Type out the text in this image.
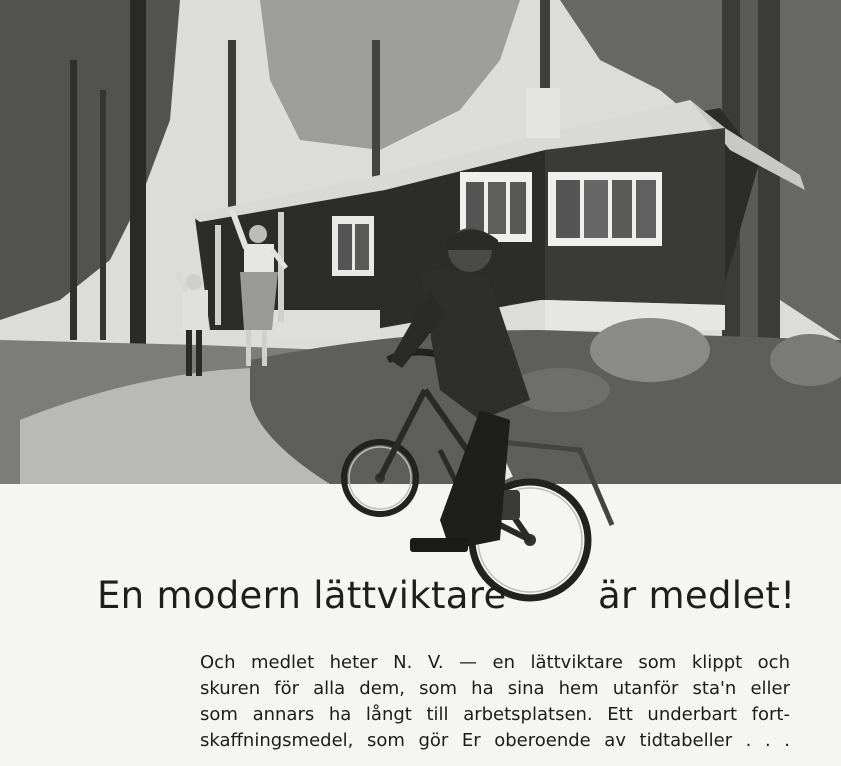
En modern lättviktare är medlet!
Och medlet heter N. V. — en lättviktare som klippt och
skuren för alla dem, som ha sina hem utanför sta'n eller
som annars ha långt till arbetsplatsen. Ett underbart fort-
skaffningsmedel, som gör Er oberoende av tidtabeller . . .
